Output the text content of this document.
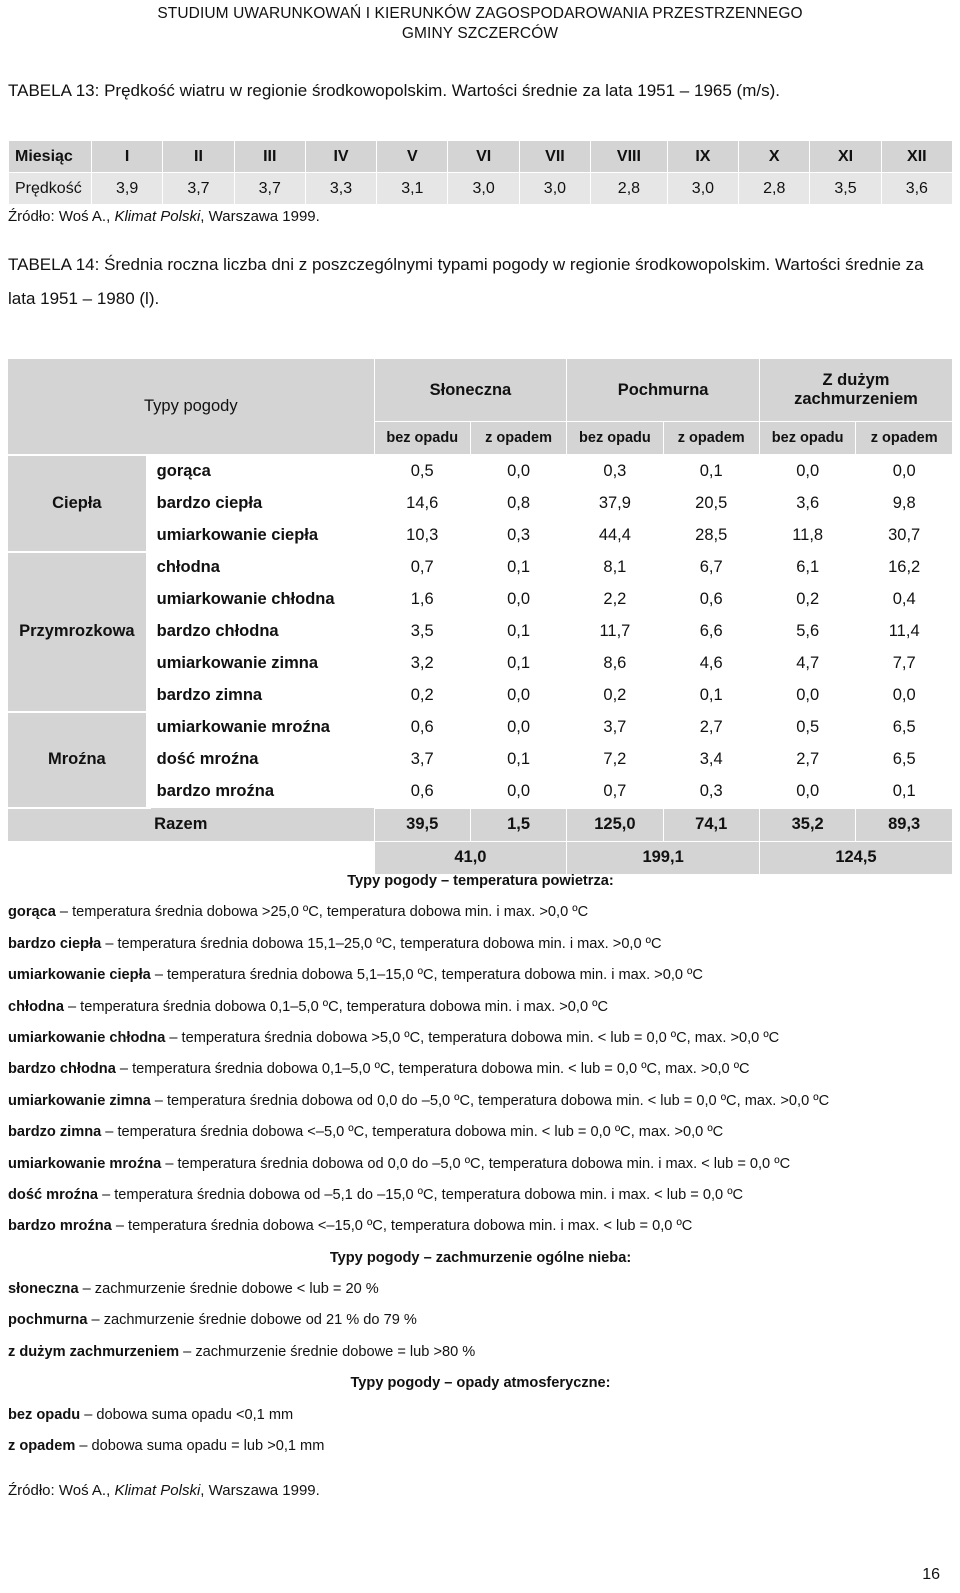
STUDIUM UWARUNKOWAŃ I KIERUNKÓW ZAGOSPODAROWANIA PRZESTRZENNEGO
GMINY SZCZERCÓW
TABELA 13: Prędkość wiatru w regionie środkowopolskim. Wartości średnie za lata 1951 – 1965 (m/s).
Miesiąc	I	II	III	IV	V	VI	VII	VIII	IX	X	XI	XII
Prędkość	3,9	3,7	3,7	3,3	3,1	3,0	3,0	2,8	3,0	2,8	3,5	3,6
Źródło: Woś A., Klimat Polski, Warszawa 1999.
TABELA 14: Średnia roczna liczba dni z poszczególnymi typami pogody w regionie środkowopolskim. Wartości średnie za lata 1951 – 1980 (l).
Typy pogody		Słoneczna		Pochmurna		Z dużym zachmurzeniem	
		bez opadu	z opadem	bez opadu	z opadem	bez opadu	z opadem
Ciepła	gorąca	0,5	0,0	0,3	0,1	0,0	0,0
	bardzo ciepła	14,6	0,8	37,9	20,5	3,6	9,8
	umiarkowanie ciepła	10,3	0,3	44,4	28,5	11,8	30,7
Przymrozkowa	chłodna	0,7	0,1	8,1	6,7	6,1	16,2
	umiarkowanie chłodna	1,6	0,0	2,2	0,6	0,2	0,4
	bardzo chłodna	3,5	0,1	11,7	6,6	5,6	11,4
	umiarkowanie zimna	3,2	0,1	8,6	4,6	4,7	7,7
	bardzo zimna	0,2	0,0	0,2	0,1	0,0	0,0
Mroźna	umiarkowanie mroźna	0,6	0,0	3,7	2,7	0,5	6,5
	dość mroźna	3,7	0,1	7,2	3,4	2,7	6,5
	bardzo mroźna	0,6	0,0	0,7	0,3	0,0	0,1
	Razem	39,5	1,5	125,0	74,1	35,2	89,3
		41,0		199,1		124,5	
Typy pogody – temperatura powietrza:
gorąca – temperatura średnia dobowa >25,0 ºC, temperatura dobowa min. i max. >0,0 ºC
bardzo ciepła – temperatura średnia dobowa 15,1–25,0 ºC, temperatura dobowa min. i max. >0,0 ºC
umiarkowanie ciepła – temperatura średnia dobowa 5,1–15,0 ºC, temperatura dobowa min. i max. >0,0 ºC
chłodna – temperatura średnia dobowa 0,1–5,0 ºC, temperatura dobowa min. i max. >0,0 ºC
umiarkowanie chłodna – temperatura średnia dobowa >5,0 ºC, temperatura dobowa min. < lub = 0,0 ºC, max. >0,0 ºC
bardzo chłodna – temperatura średnia dobowa 0,1–5,0 ºC, temperatura dobowa min. < lub = 0,0 ºC, max. >0,0 ºC
umiarkowanie zimna – temperatura średnia dobowa od 0,0 do –5,0 ºC, temperatura dobowa min. < lub = 0,0 ºC, max. >0,0 ºC
bardzo zimna – temperatura średnia dobowa <–5,0 ºC, temperatura dobowa min. < lub = 0,0 ºC, max. >0,0 ºC
umiarkowanie mroźna – temperatura średnia dobowa od 0,0 do –5,0 ºC, temperatura dobowa min. i max. < lub = 0,0 ºC
dość mroźna – temperatura średnia dobowa od –5,1 do –15,0 ºC, temperatura dobowa min. i max. < lub = 0,0 ºC
bardzo mroźna – temperatura średnia dobowa <–15,0 ºC, temperatura dobowa min. i max. < lub = 0,0 ºC
Typy pogody – zachmurzenie ogólne nieba:
słoneczna – zachmurzenie średnie dobowe < lub = 20 %
pochmurna – zachmurzenie średnie dobowe od 21 % do 79 %
z dużym zachmurzeniem – zachmurzenie średnie dobowe = lub >80 %
Typy pogody – opady atmosferyczne:
bez opadu – dobowa suma opadu <0,1 mm
z opadem – dobowa suma opadu = lub >0,1 mm
Źródło: Woś A., Klimat Polski, Warszawa 1999.
16
